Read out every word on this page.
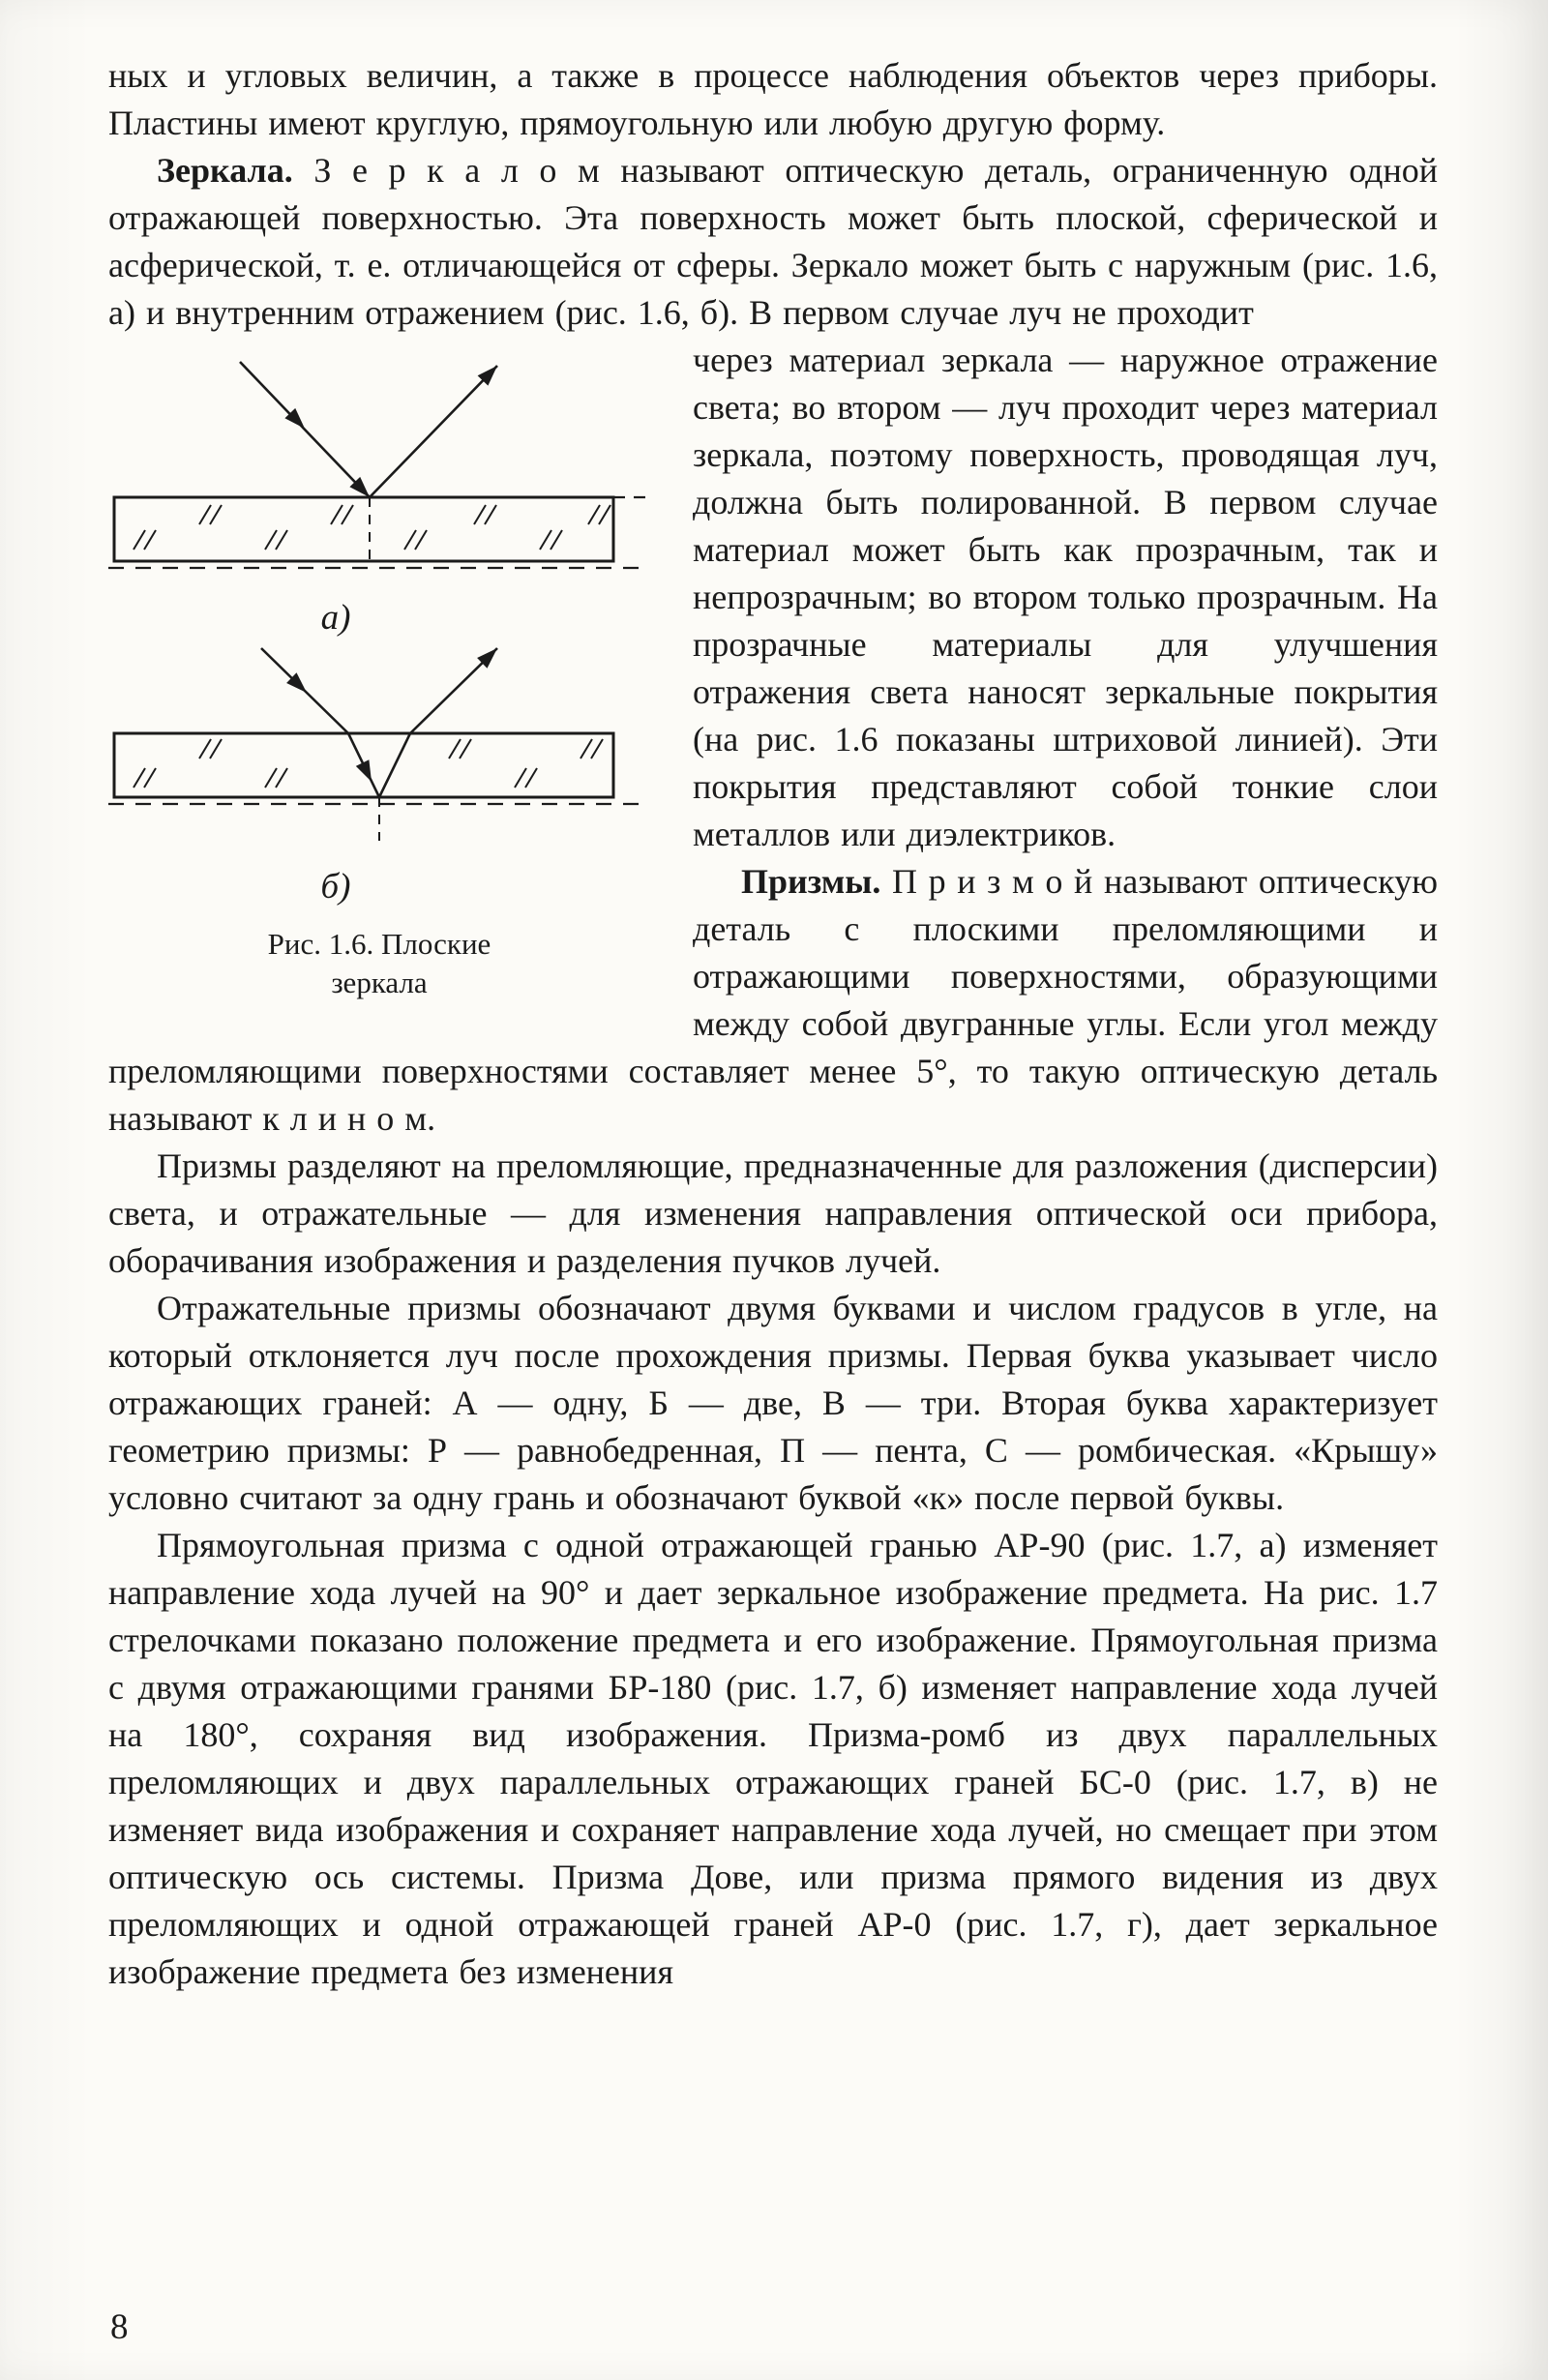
ных и угловых величин, а также в процессе наблюдения объектов через приборы. Пластины имеют круглую, прямоугольную или любую другую форму.

Зеркала. З е р к а л о м называют оптическую деталь, ограниченную одной отражающей поверхностью. Эта поверхность может быть плоской, сферической и асферической, т. е. отличающейся от сферы. Зеркало может быть с наружным (рис. 1.6, а) и внутренним отражением (рис. 1.6, б). В первом случае луч не проходит

а)
б)
Рис. 1.6. Плоские
зеркала

через материал зеркала — наружное отражение света; во втором — луч проходит через материал зеркала, поэтому поверхность, проводящая луч, должна быть полированной. В первом случае материал может быть как прозрачным, так и непрозрачным; во втором только прозрачным. На прозрачные материалы для улучшения отражения света наносят зеркальные покрытия (на рис. 1.6 показаны штриховой линией). Эти покрытия представляют собой тонкие слои металлов или диэлектриков.

Призмы. П р и з м о й называют оптическую деталь с плоскими преломляющими и отражающими поверхностями, образующими между собой двугранные углы. Если угол между преломляющими поверхностями составляет менее 5°, то такую оптическую деталь называют к л и н о м.

Призмы разделяют на преломляющие, предназначенные для разложения (дисперсии) света, и отражательные — для изменения направления оптической оси прибора, оборачивания изображения и разделения пучков лучей.

Отражательные призмы обозначают двумя буквами и числом градусов в угле, на который отклоняется луч после прохождения призмы. Первая буква указывает число отражающих граней: А — одну, Б — две, В — три. Вторая буква характеризует геометрию призмы: Р — равнобедренная, П — пента, С — ромбическая. «Крышу» условно считают за одну грань и обозначают буквой «к» после первой буквы.

Прямоугольная призма с одной отражающей гранью АР-90 (рис. 1.7, а) изменяет направление хода лучей на 90° и дает зеркальное изображение предмета. На рис. 1.7 стрелочками показано положение предмета и его изображение. Прямоугольная призма с двумя отражающими гранями БР-180 (рис. 1.7, б) изменяет направление хода лучей на 180°, сохраняя вид изображения. Призма-ромб из двух параллельных преломляющих и двух параллельных отражающих граней БС-0 (рис. 1.7, в) не изменяет вида изображения и сохраняет направление хода лучей, но смещает при этом оптическую ось системы. Призма Дове, или призма прямого видения из двух преломляющих и одной отражающей граней АР-0 (рис. 1.7, г), дает зеркальное изображение предмета без изменения

8
